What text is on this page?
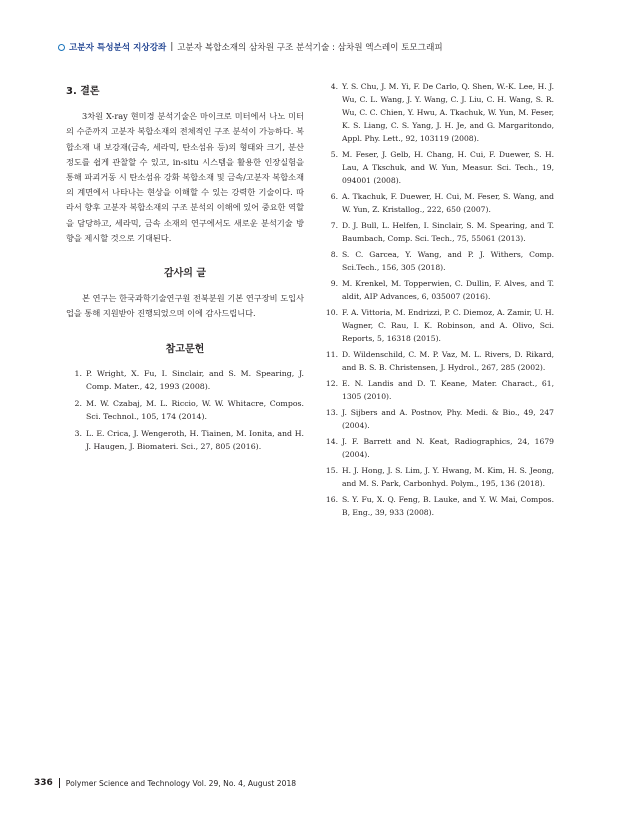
고분자 특성분석 지상강좌 | 고분자 복합소재의 삼차원 구조 분석기술 : 삼차원 엑스레이 토모그래피
3. 결론

3차원 X-ray 현미경 분석기술은 마이크로 미터에서 나노 미터의 수준까지 고분자 복합소재의 전체적인 구조 분석이 가능하다. 복합소재 내 보강재(금속, 세라믹, 탄소섬유 등)의 형태와 크기, 분산정도를 쉽게 관찰할 수 있고, in-situ 시스템을 활용한 인장실험을 통해 파괴거동 시 탄소섬유 강화 복합소재 및 금속/고분자 복합소재의 계면에서 나타나는 현상을 이해할 수 있는 강력한 기술이다. 따라서 향후 고분자 복합소재의 구조 분석의 이해에 있어 중요한 역할을 담당하고, 세라믹, 금속 소재의 연구에서도 새로운 분석기술 방향을 제시할 것으로 기대된다.

감사의 글

본 연구는 한국과학기술연구원 전북분원 기본 연구장비 도입사업을 통해 지원받아 진행되었으며 이에 감사드립니다.

참고문헌
1. P. Wright, X. Fu, I. Sinclair, and S. M. Spearing, J. Comp. Mater., 42, 1993 (2008).
2. M. W. Czabaj, M. L. Riccio, W. W. Whitacre, Compos. Sci. Technol., 105, 174 (2014).
3. L. E. Crica, J. Wengeroth, H. Tiainen, M. Ionita, and H. J. Haugen, J. Biomateri. Sci., 27, 805 (2016).
4. Y. S. Chu, J. M. Yi, F. De Carlo, Q. Shen, W.-K. Lee, H. J. Wu, C. L. Wang, J. Y. Wang, C. J. Liu, C. H. Wang, S. R. Wu, C. C. Chien, Y. Hwu, A. Tkachuk, W. Yun, M. Feser, K. S. Liang, C. S. Yang, J. H. Je, and G. Margaritondo, Appl. Phy. Lett., 92, 103119 (2008).
5. M. Feser, J. Gelb, H. Chang, H. Cui, F. Duewer, S. H. Lau, A Tkschuk, and W. Yun, Measur. Sci. Tech., 19, 094001 (2008).
6. A. Tkachuk, F. Duewer, H. Cui, M. Feser, S. Wang, and W. Yun, Z. Kristallog., 222, 650 (2007).
7. D. J. Bull, L. Helfen, I. Sinclair, S. M. Spearing, and T. Baumbach, Comp. Sci. Tech., 75, 55061 (2013).
8. S. C. Garcea, Y. Wang, and P. J. Withers, Comp. Sci.Tech., 156, 305 (2018).
9. M. Krenkel, M. Topperwien, C. Dullin, F. Alves, and T. aldit, AIP Advances, 6, 035007 (2016).
10. F. A. Vittoria, M. Endrizzi, P. C. Diemoz, A. Zamir, U. H. Wagner, C. Rau, I. K. Robinson, and A. Olivo, Sci. Reports, 5, 16318 (2015).
11. D. Wildenschild, C. M. P. Vaz, M. L. Rivers, D. Rikard, and B. S. B. Christensen, J. Hydrol., 267, 285 (2002).
12. E. N. Landis and D. T. Keane, Mater. Charact., 61, 1305 (2010).
13. J. Sijbers and A. Postnov, Phy. Medi. & Bio., 49, 247 (2004).
14. J. F. Barrett and N. Keat, Radiographics, 24, 1679 (2004).
15. H. J. Hong, J. S. Lim, J. Y. Hwang, M. Kim, H. S. Jeong, and M. S. Park, Carbonhyd. Polym., 195, 136 (2018).
16. S. Y. Fu, X. Q. Feng, B. Lauke, and Y. W. Mai, Compos. B, Eng., 39, 933 (2008).
336	Polymer Science and Technology Vol. 29, No. 4, August 2018
